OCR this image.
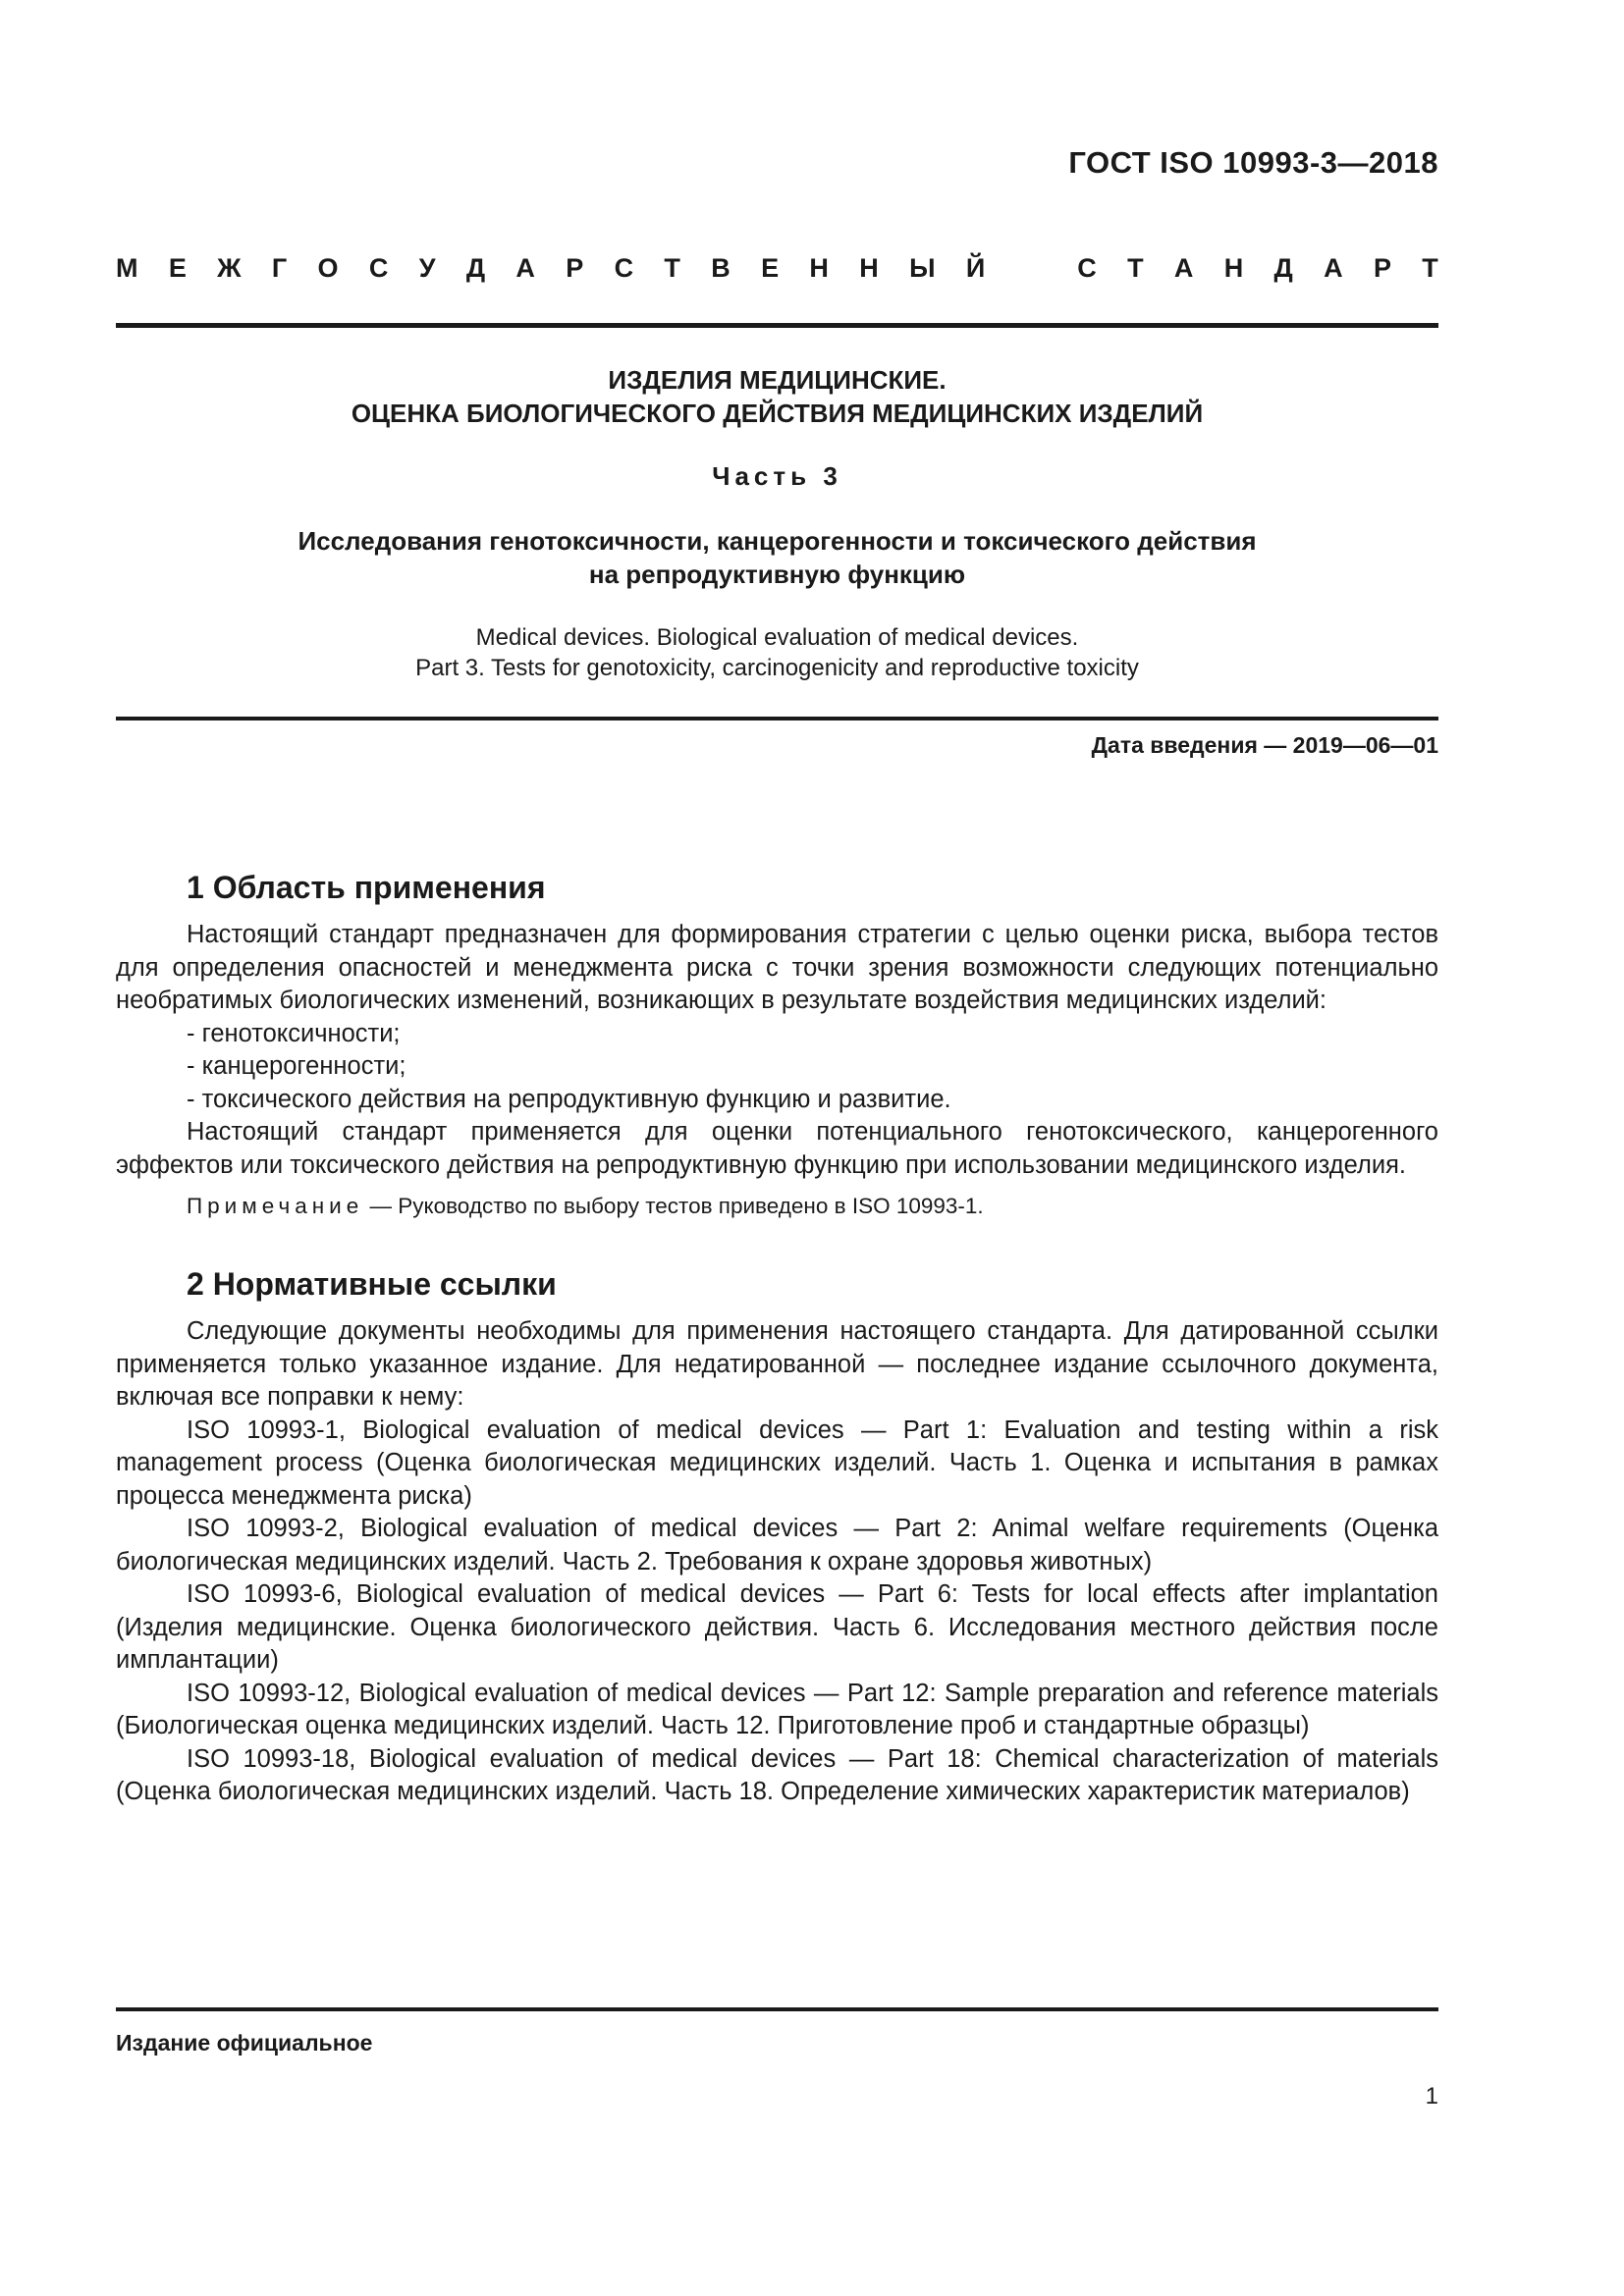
ГОСТ ISO 10993-3—2018
М Е Ж Г О С У Д А Р С Т В Е Н Н Ы Й	С Т А Н Д А Р Т
ИЗДЕЛИЯ МЕДИЦИНСКИЕ.
ОЦЕНКА БИОЛОГИЧЕСКОГО ДЕЙСТВИЯ МЕДИЦИНСКИХ ИЗДЕЛИЙ
Часть 3
Исследования генотоксичности, канцерогенности и токсического действия
на репродуктивную функцию
Medical devices. Biological evaluation of medical devices.
Part 3. Tests for genotoxicity, carcinogenicity and reproductive toxicity
Дата введения — 2019—06—01
1 Область применения

Настоящий стандарт предназначен для формирования стратегии с целью оценки риска, выбора тестов для определения опасностей и менеджмента риска с точки зрения возможности следующих потенциально необратимых биологических изменений, возникающих в результате воздействия медицинских изделий:

- генотоксичности;
- канцерогенности;
- токсического действия на репродуктивную функцию и развитие.

Настоящий стандарт применяется для оценки потенциального генотоксического, канцерогенного эффектов или токсического действия на репродуктивную функцию при использовании медицинского изделия.

Примечание — Руководство по выбору тестов приведено в ISO 10993-1.
2 Нормативные ссылки

Следующие документы необходимы для применения настоящего стандарта. Для датированной ссылки применяется только указанное издание. Для недатированной — последнее издание ссылочного документа, включая все поправки к нему:

ISO 10993-1, Biological evaluation of medical devices — Part 1: Evaluation and testing within a risk management process (Оценка биологическая медицинских изделий. Часть 1. Оценка и испытания в рамках процесса менеджмента риска)

ISO 10993-2, Biological evaluation of medical devices — Part 2: Animal welfare requirements (Оценка биологическая медицинских изделий. Часть 2. Требования к охране здоровья животных)

ISO 10993-6, Biological evaluation of medical devices — Part 6: Tests for local effects after implantation (Изделия медицинские. Оценка биологического действия. Часть 6. Исследования местного действия после имплантации)

ISO 10993-12, Biological evaluation of medical devices — Part 12: Sample preparation and reference materials (Биологическая оценка медицинских изделий. Часть 12. Приготовление проб и стандартные образцы)

ISO 10993-18, Biological evaluation of medical devices — Part 18: Chemical characterization of materials (Оценка биологическая медицинских изделий. Часть 18. Определение химических характеристик материалов)

Издание официальное
1
